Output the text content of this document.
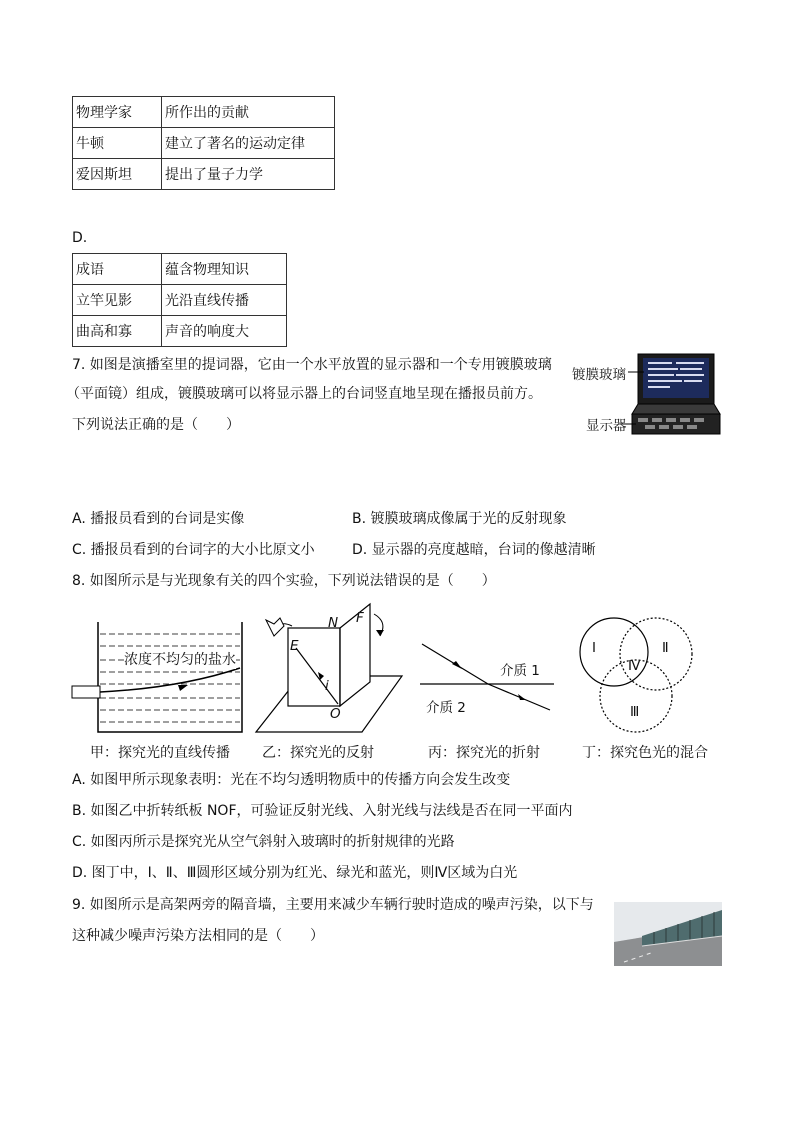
物理学家	所作出的贡献
牛顿	建立了著名的运动定律
爱因斯坦	提出了量子力学
D.
成语	蕴含物理知识
立竿见影	光沿直线传播
曲高和寡	声音的响度大
7. 如图是演播室里的提词器，它由一个水平放置的显示器和一个专用镀膜玻璃
（平面镜）组成，镀膜玻璃可以将显示器上的台词竖直地呈现在播报员前方。
下列说法正确的是（　　）
镀膜玻璃
显示器
A. 播报员看到的台词是实像	B. 镀膜玻璃成像属于光的反射现象
C. 播报员看到的台词字的大小比原文小	D. 显示器的亮度越暗，台词的像越清晰
8. 如图所示是与光现象有关的四个实验，下列说法错误的是（　　）
浓度不均匀的盐水
E
N F
i
O
介质 1
介质 2
Ⅰ	Ⅱ
Ⅲ
Ⅳ
甲：探究光的直线传播 乙：探究光的反射	丙：探究光的折射	丁：探究色光的混合
A. 如图甲所示现象表明：光在不均匀透明物质中的传播方向会发生改变
B. 如图乙中折转纸板 NOF，可验证反射光线、入射光线与法线是否在同一平面内
C. 如图丙所示是探究光从空气斜射入玻璃时的折射规律的光路
D. 图丁中，Ⅰ、Ⅱ、Ⅲ圆形区域分别为红光、绿光和蓝光，则Ⅳ区域为白光
9. 如图所示是高架两旁的隔音墙，主要用来减少车辆行驶时造成的噪声污染，以下与
这种减少噪声污染方法相同的是（　　）
